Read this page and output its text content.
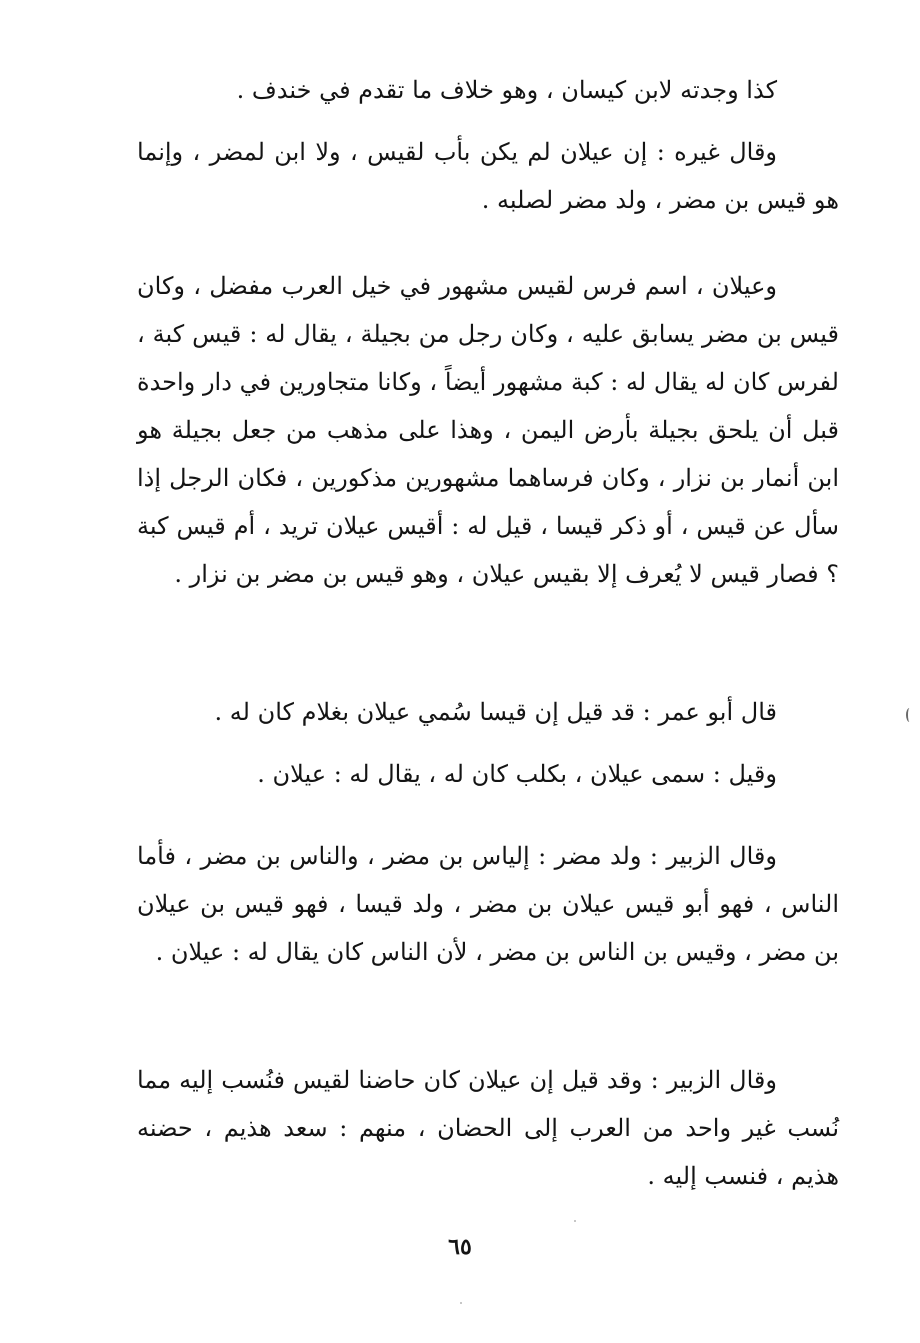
كذا وجدته لابن كيسان ، وهو خلاف ما تقدم في خندف .

وقال غيره : إن عيلان لم يكن بأب لقيس ، ولا ابن لمضر ، وإنما هو قيس بن مضر ، ولد مضر لصلبه .

وعيلان ، اسم فرس لقيس مشهور في خيل العرب مفضل ، وكان قيس بن مضر يسابق عليه ، وكان رجل من بجيلة ، يقال له : قيس كبة ، لفرس كان له يقال له : كبة مشهور أيضاً ، وكانا متجاورين في دار واحدة قبل أن يلحق بجيلة بأرض اليمن ، وهذا على مذهب من جعل بجيلة هو ابن أنمار بن نزار ، وكان فرساهما مشهورين مذكورين ، فكان الرجل إذا سأل عن قيس ، أو ذكر قيسا ، قيل له : أقيس عيلان تريد ، أم قيس كبة ؟ فصار قيس لا يُعرف إلا بقيس عيلان ، وهو قيس بن مضر بن نزار .

قال أبو عمر : قد قيل إن قيسا سُمي عيلان بغلام كان له .

وقيل : سمى عيلان ، بكلب كان له ، يقال له : عيلان .

وقال الزبير : ولد مضر : إلياس بن مضر ، والناس بن مضر ، فأما الناس ، فهو أبو قيس عيلان بن مضر ، ولد قيسا ، فهو قيس بن عيلان بن مضر ، وقيس بن الناس بن مضر ، لأن الناس كان يقال له : عيلان .

وقال الزبير : وقد قيل إن عيلان كان حاضنا لقيس فنُسب إليه مما نُسب غير واحد من العرب إلى الحضان ، منهم : سعد هذيم ، حضنه هذيم ، فنسب إليه .

٦٥
